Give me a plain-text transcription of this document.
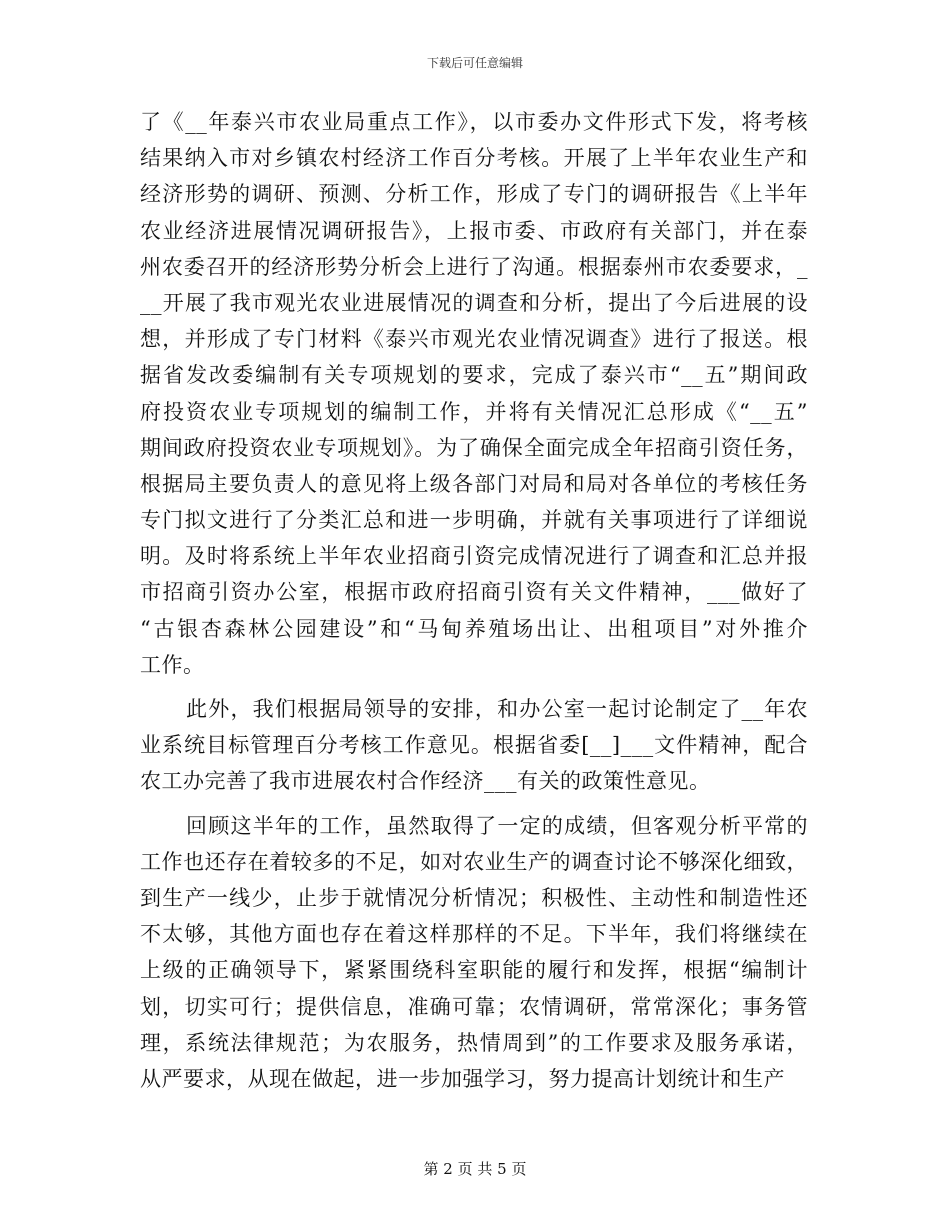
下载后可任意编辑
了《__年泰兴市农业局重点工作》，以市委办文件形式下发，将考核
结果纳入市对乡镇农村经济工作百分考核。开展了上半年农业生产和
经济形势的调研、预测、分析工作，形成了专门的调研报告《上半年
农业经济进展情况调研报告》，上报市委、市政府有关部门，并在泰
州农委召开的经济形势分析会上进行了沟通。根据泰州市农委要求，_
__开展了我市观光农业进展情况的调查和分析，提出了今后进展的设
想，并形成了专门材料《泰兴市观光农业情况调查》进行了报送。根
据省发改委编制有关专项规划的要求，完成了泰兴市“__五”期间政
府投资农业专项规划的编制工作，并将有关情况汇总形成《“__五”
期间政府投资农业专项规划》。为了确保全面完成全年招商引资任务，
根据局主要负责人的意见将上级各部门对局和局对各单位的考核任务
专门拟文进行了分类汇总和进一步明确，并就有关事项进行了详细说
明。及时将系统上半年农业招商引资完成情况进行了调查和汇总并报
市招商引资办公室，根据市政府招商引资有关文件精神，___做好了
“古银杏森林公园建设”和“马甸养殖场出让、出租项目”对外推介
工作。
此外，我们根据局领导的安排，和办公室一起讨论制定了__年农
业系统目标管理百分考核工作意见。根据省委[__]___文件精神，配合
农工办完善了我市进展农村合作经济___有关的政策性意见。
回顾这半年的工作，虽然取得了一定的成绩，但客观分析平常的
工作也还存在着较多的不足，如对农业生产的调查讨论不够深化细致，
到生产一线少，止步于就情况分析情况；积极性、主动性和制造性还
不太够，其他方面也存在着这样那样的不足。下半年，我们将继续在
上级的正确领导下，紧紧围绕科室职能的履行和发挥，根据“编制计
划，切实可行；提供信息，准确可靠；农情调研，常常深化；事务管
理，系统法律规范；为农服务，热情周到”的工作要求及服务承诺，
从严要求，从现在做起，进一步加强学习，努力提高计划统计和生产
第 2 页 共 5 页
